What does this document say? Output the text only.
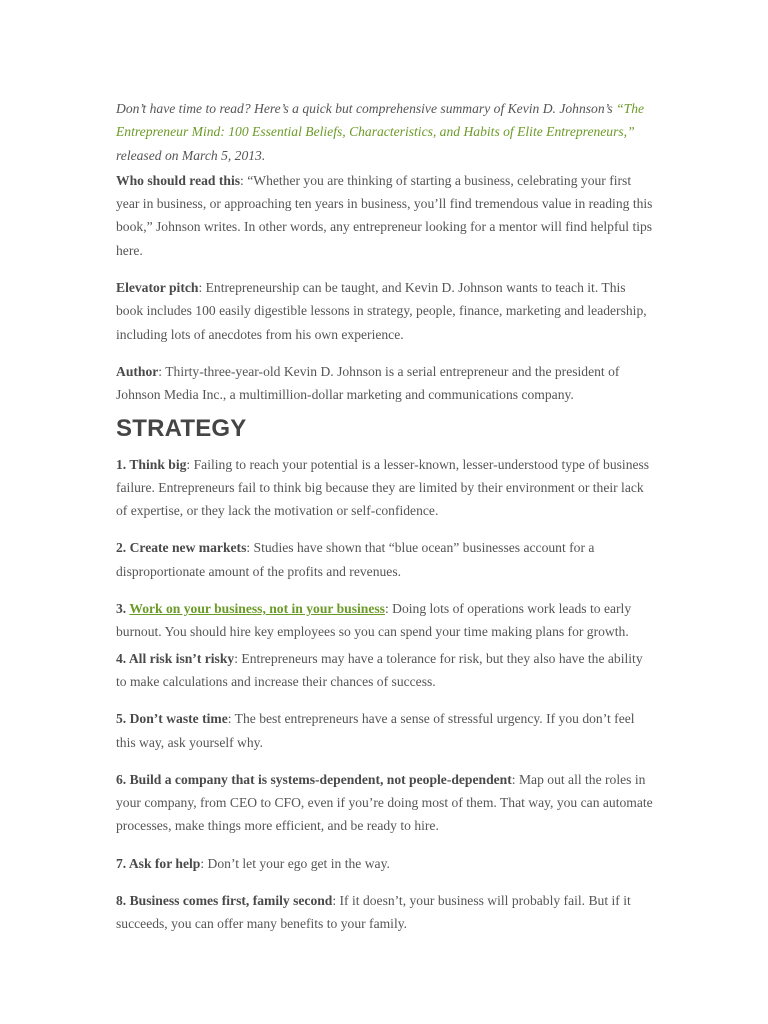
Don’t have time to read? Here’s a quick but comprehensive summary of Kevin D. Johnson’s “The Entrepreneur Mind: 100 Essential Beliefs, Characteristics, and Habits of Elite Entrepreneurs,” released on March 5, 2013.

Who should read this: “Whether you are thinking of starting a business, celebrating your first year in business, or approaching ten years in business, you’ll find tremendous value in reading this book,” Johnson writes. In other words, any entrepreneur looking for a mentor will find helpful tips here.

Elevator pitch: Entrepreneurship can be taught, and Kevin D. Johnson wants to teach it. This book includes 100 easily digestible lessons in strategy, people, finance, marketing and leadership, including lots of anecdotes from his own experience.

Author: Thirty-three-year-old Kevin D. Johnson is a serial entrepreneur and the president of Johnson Media Inc., a multimillion-dollar marketing and communications company.

STRATEGY

1. Think big: Failing to reach your potential is a lesser-known, lesser-understood type of business failure. Entrepreneurs fail to think big because they are limited by their environment or their lack of expertise, or they lack the motivation or self-confidence.

2. Create new markets: Studies have shown that “blue ocean” businesses account for a disproportionate amount of the profits and revenues.

3. Work on your business, not in your business: Doing lots of operations work leads to early burnout. You should hire key employees so you can spend your time making plans for growth.

4. All risk isn’t risky: Entrepreneurs may have a tolerance for risk, but they also have the ability to make calculations and increase their chances of success.

5. Don’t waste time: The best entrepreneurs have a sense of stressful urgency. If you don’t feel this way, ask yourself why.

6. Build a company that is systems-dependent, not people-dependent: Map out all the roles in your company, from CEO to CFO, even if you’re doing most of them. That way, you can automate processes, make things more efficient, and be ready to hire.

7. Ask for help: Don’t let your ego get in the way.

8. Business comes first, family second: If it doesn’t, your business will probably fail. But if it succeeds, you can offer many benefits to your family.
